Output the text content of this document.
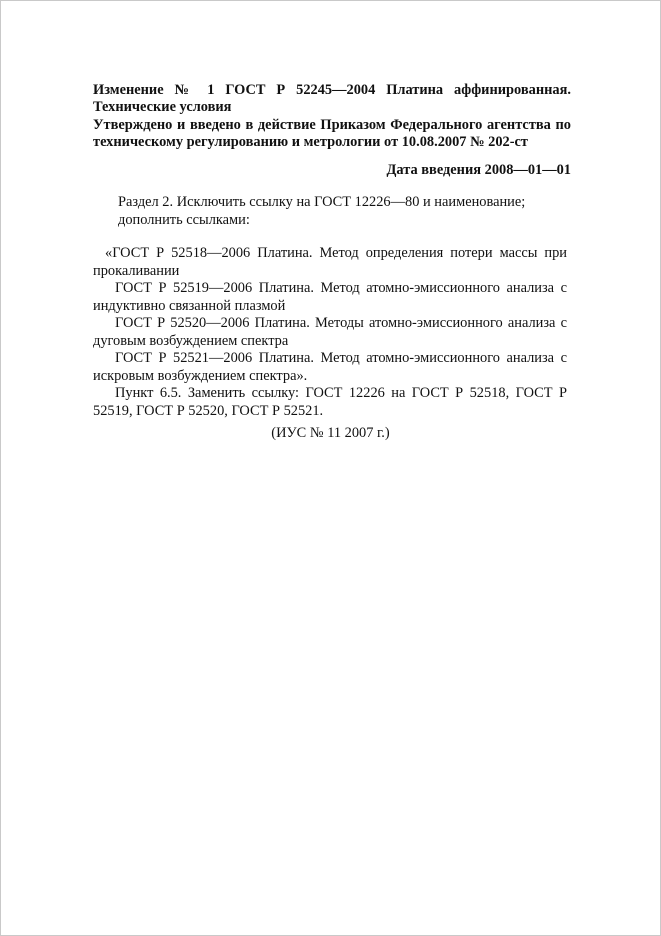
Изменение № 1 ГОСТ Р 52245—2004 Платина аффинированная. Технические условия
Утверждено и введено в действие Приказом Федерального агентства по техническому регулированию и метрологии от 10.08.2007 № 202-ст
Дата введения 2008—01—01
Раздел 2. Исключить ссылку на ГОСТ 12226—80 и наименование; дополнить ссылками:

«ГОСТ Р 52518—2006 Платина. Метод определения потери массы при прокаливании

ГОСТ Р 52519—2006 Платина. Метод атомно-эмиссионного анализа с индуктивно связанной плазмой

ГОСТ Р 52520—2006 Платина. Методы атомно-эмиссионного анализа с дуговым возбуждением спектра

ГОСТ Р 52521—2006 Платина. Метод атомно-эмиссионного анализа с искровым возбуждением спектра».

Пункт 6.5. Заменить ссылку: ГОСТ 12226 на ГОСТ Р 52518, ГОСТ Р 52519, ГОСТ Р 52520, ГОСТ Р 52521.

(ИУС № 11 2007 г.)
